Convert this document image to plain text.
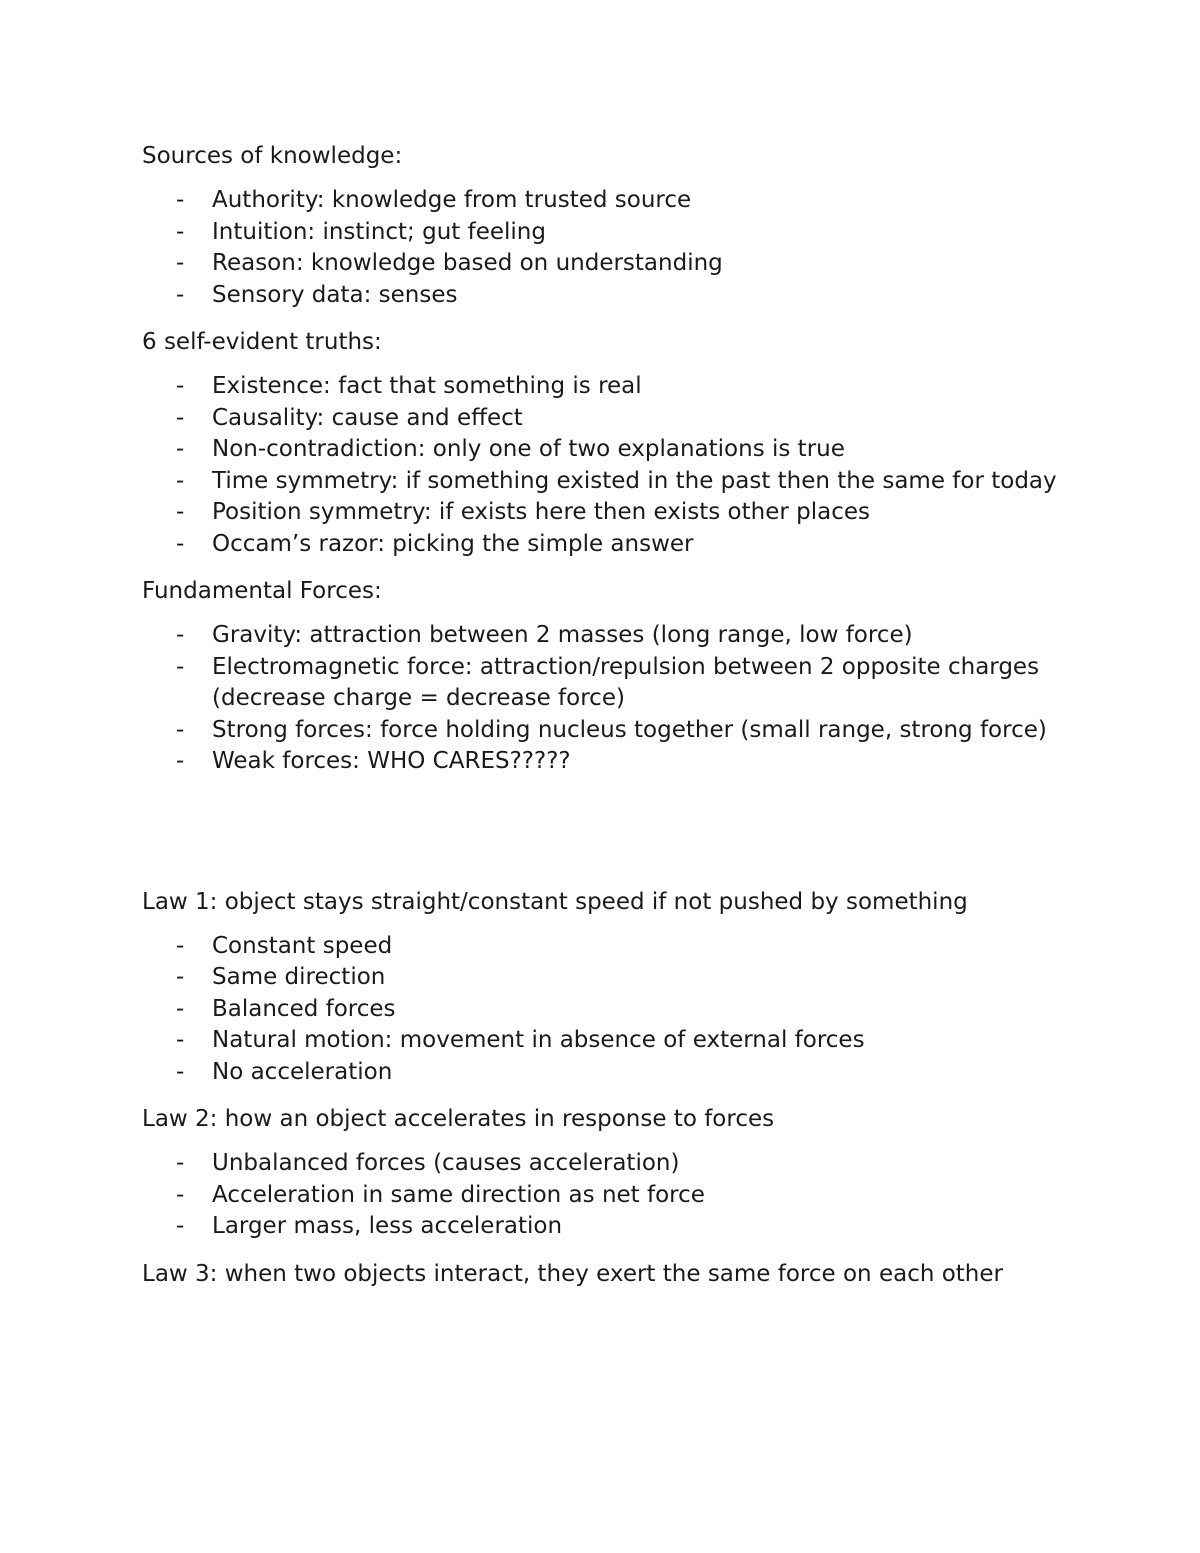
Sources of knowledge:

- Authority: knowledge from trusted source
- Intuition: instinct; gut feeling
- Reason: knowledge based on understanding
- Sensory data: senses

6 self-evident truths:

- Existence: fact that something is real
- Causality: cause and effect
- Non-contradiction: only one of two explanations is true
- Time symmetry: if something existed in the past then the same for today
- Position symmetry: if exists here then exists other places
- Occam’s razor: picking the simple answer

Fundamental Forces:

- Gravity: attraction between 2 masses (long range, low force)
- Electromagnetic force: attraction/repulsion between 2 opposite charges (decrease charge = decrease force)
- Strong forces: force holding nucleus together (small range, strong force)
- Weak forces: WHO CARES?????

Law 1: object stays straight/constant speed if not pushed by something

- Constant speed
- Same direction
- Balanced forces
- Natural motion: movement in absence of external forces
- No acceleration

Law 2: how an object accelerates in response to forces

- Unbalanced forces (causes acceleration)
- Acceleration in same direction as net force
- Larger mass, less acceleration

Law 3: when two objects interact, they exert the same force on each other
